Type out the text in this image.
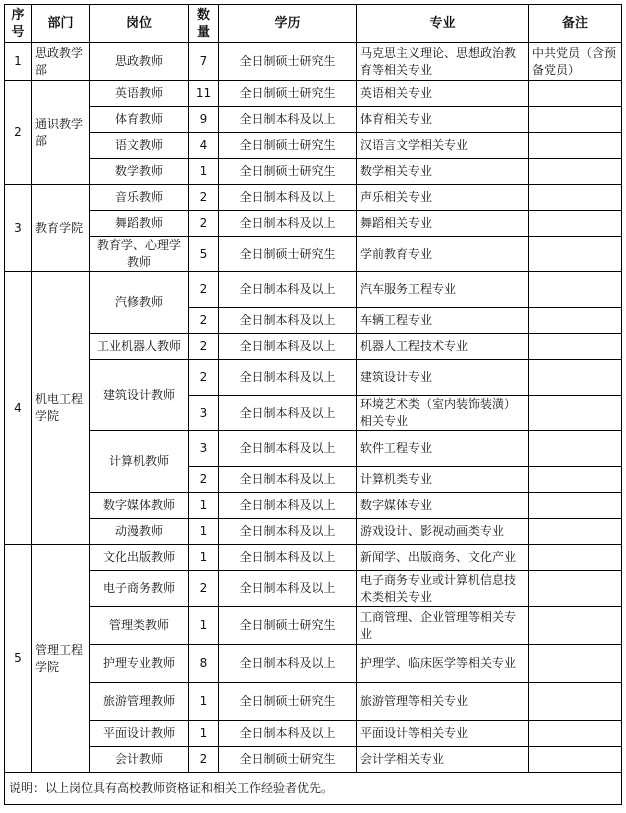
序号	部门	岗位	数量	学历	专业	备注
1	思政教学部	思政教师	7	全日制硕士研究生	马克思主义理论、思想政治教育等相关专业	中共党员（含预备党员）
2	通识教学部	英语教师	11	全日制硕士研究生	英语相关专业	
		体育教师	9	全日制本科及以上	体育相关专业	
		语文教师	4	全日制硕士研究生	汉语言文学相关专业	
		数学教师	1	全日制硕士研究生	数学相关专业	
3	教育学院	音乐教师	2	全日制本科及以上	声乐相关专业	
		舞蹈教师	2	全日制本科及以上	舞蹈相关专业	
		教育学、心理学教师	5	全日制硕士研究生	学前教育专业	
4	机电工程学院	汽修教师	2	全日制本科及以上	汽车服务工程专业	
			2	全日制本科及以上	车辆工程专业	
		工业机器人教师	2	全日制本科及以上	机器人工程技术专业	
		建筑设计教师	2	全日制本科及以上	建筑设计专业	
			3	全日制本科及以上	环境艺术类（室内装饰装潢）相关专业	
		计算机教师	3	全日制本科及以上	软件工程专业	
			2	全日制本科及以上	计算机类专业	
		数字媒体教师	1	全日制本科及以上	数字媒体专业	
		动漫教师	1	全日制本科及以上	游戏设计、影视动画类专业	
5	管理工程学院	文化出版教师	1	全日制本科及以上	新闻学、出版商务、文化产业	
		电子商务教师	2	全日制本科及以上	电子商务专业或计算机信息技术类相关专业	
		管理类教师	1	全日制硕士研究生	工商管理、企业管理等相关专业	
		护理专业教师	8	全日制本科及以上	护理学、临床医学等相关专业	
		旅游管理教师	1	全日制硕士研究生	旅游管理等相关专业	
		平面设计教师	1	全日制本科及以上	平面设计等相关专业	
		会计教师	2	全日制硕士研究生	会计学相关专业	
说明：以上岗位具有高校教师资格证和相关工作经验者优先。						
